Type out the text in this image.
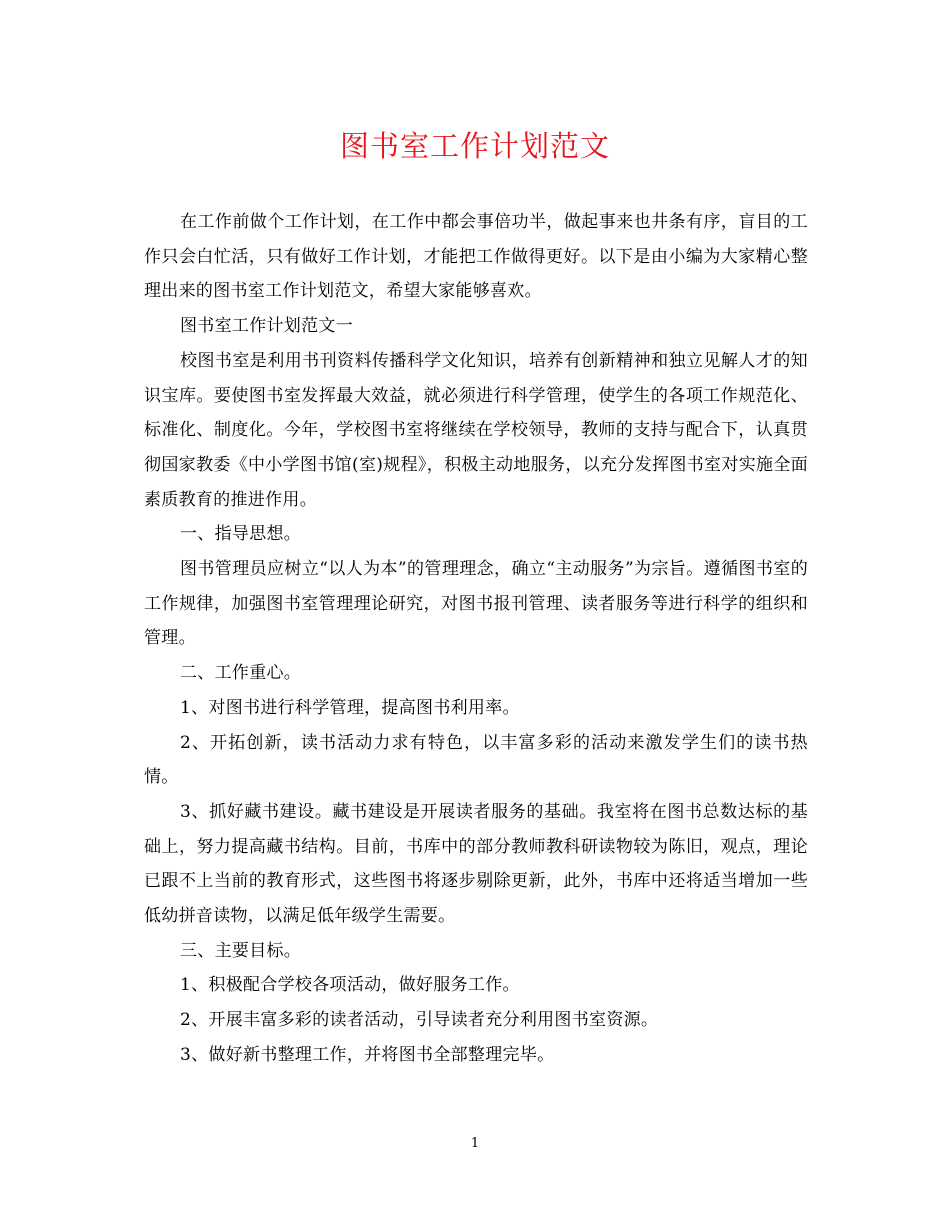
图书室工作计划范文

在工作前做个工作计划，在工作中都会事倍功半，做起事来也井条有序，盲目的工作只会白忙活，只有做好工作计划，才能把工作做得更好。以下是由小编为大家精心整理出来的图书室工作计划范文，希望大家能够喜欢。

图书室工作计划范文一

校图书室是利用书刊资料传播科学文化知识，培养有创新精神和独立见解人才的知识宝库。要使图书室发挥最大效益，就必须进行科学管理，使学生的各项工作规范化、标准化、制度化。今年，学校图书室将继续在学校领导，教师的支持与配合下，认真贯彻国家教委《中小学图书馆(室)规程》，积极主动地服务，以充分发挥图书室对实施全面素质教育的推进作用。

一、指导思想。

图书管理员应树立“以人为本”的管理理念，确立“主动服务”为宗旨。遵循图书室的工作规律，加强图书室管理理论研究，对图书报刊管理、读者服务等进行科学的组织和管理。

二、工作重心。

1、对图书进行科学管理，提高图书利用率。

2、开拓创新，读书活动力求有特色，以丰富多彩的活动来激发学生们的读书热情。

3、抓好藏书建设。藏书建设是开展读者服务的基础。我室将在图书总数达标的基础上，努力提高藏书结构。目前，书库中的部分教师教科研读物较为陈旧，观点，理论已跟不上当前的教育形式，这些图书将逐步剔除更新，此外，书库中还将适当增加一些低幼拼音读物，以满足低年级学生需要。

三、主要目标。

1、积极配合学校各项活动，做好服务工作。

2、开展丰富多彩的读者活动，引导读者充分利用图书室资源。

3、做好新书整理工作，并将图书全部整理完毕。

1
